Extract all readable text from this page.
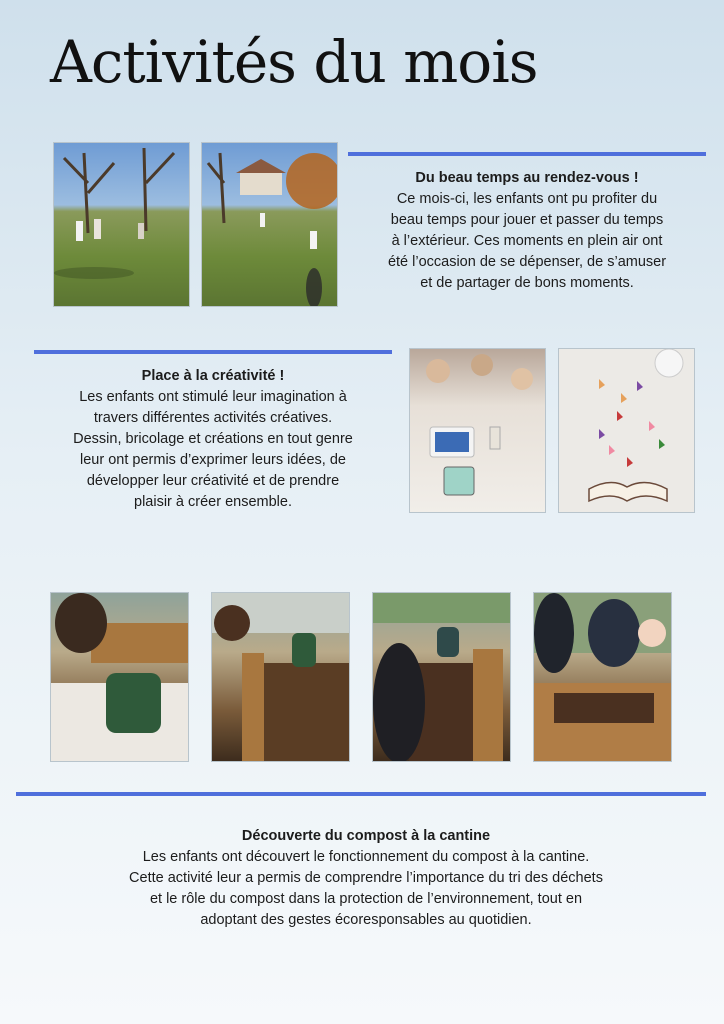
Activités du mois
Du beau temps au rendez-vous !

Ce mois-ci, les enfants ont pu profiter du

beau temps pour jouer et passer du temps

à l’extérieur. Ces moments en plein air ont

été l’occasion de se dépenser, de s’amuser

et de partager de bons moments.

Place à la créativité !

Les enfants ont stimulé leur imagination à

travers différentes activités créatives.

Dessin, bricolage et créations en tout genre

leur ont permis d’exprimer leurs idées, de

développer leur créativité et de prendre

plaisir à créer ensemble.

Découverte du compost à la cantine

Les enfants ont découvert le fonctionnement du compost à la cantine.

Cette activité leur a permis de comprendre l’importance du tri des déchets

et le rôle du compost dans la protection de l’environnement, tout en

adoptant des gestes écoresponsables au quotidien.
